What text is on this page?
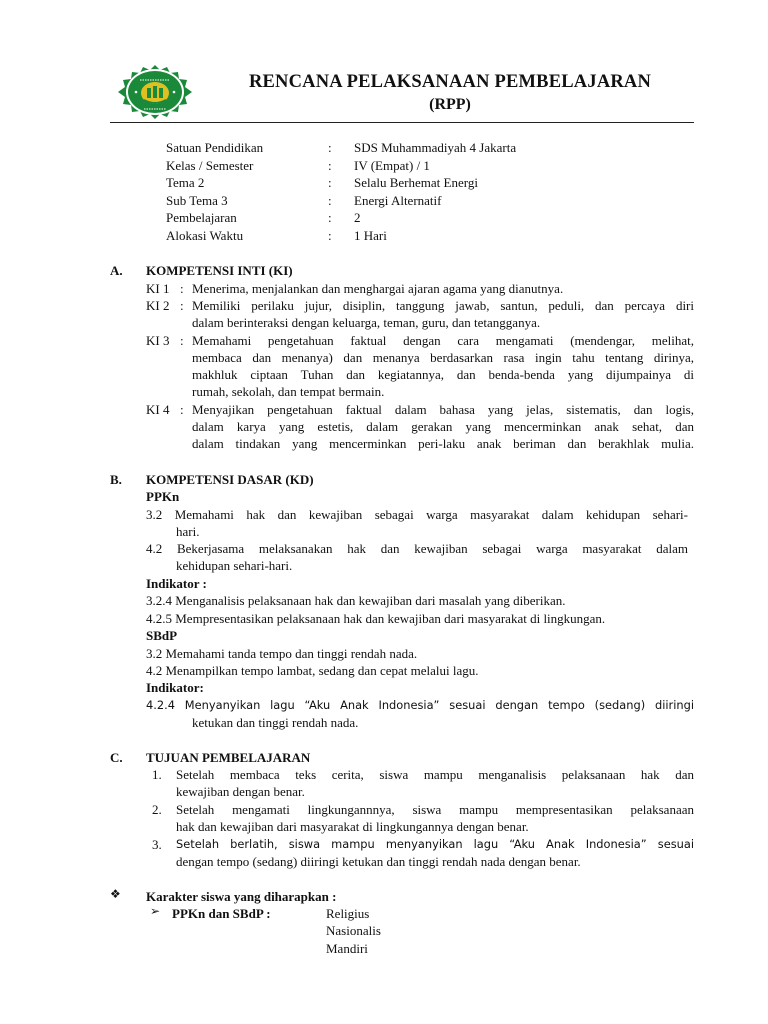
RENCANA PELAKSANAAN PEMBELAJARAN
(RPP)
Satuan Pendidikan	: SDS Muhammadiyah 4 Jakarta
Kelas / Semester	: IV (Empat) / 1
Tema 2	: Selalu Berhemat Energi
Sub Tema 3	: Energi Alternatif
Pembelajaran	: 2
Alokasi Waktu	: 1 Hari
A. KOMPETENSI INTI (KI)
KI 1 : Menerima, menjalankan dan menghargai ajaran agama yang dianutnya.
KI 2 : Memiliki perilaku jujur, disiplin, tanggung jawab, santun, peduli, dan percaya diri
dalam berinteraksi dengan keluarga, teman, guru, dan tetangganya.
KI 3 : Memahami pengetahuan faktual dengan cara mengamati (mendengar, melihat,
membaca dan menanya) dan menanya berdasarkan rasa ingin tahu tentang dirinya,
makhluk ciptaan Tuhan dan kegiatannya, dan benda-benda yang dijumpainya di
rumah, sekolah, dan tempat bermain.
KI 4 : Menyajikan pengetahuan faktual dalam bahasa yang jelas, sistematis, dan logis,
dalam karya yang estetis, dalam gerakan yang mencerminkan anak sehat, dan
dalam tindakan yang mencerminkan peri-laku anak beriman dan berakhlak mulia.
B. KOMPETENSI DASAR (KD)
PPKn
3.2 Memahami hak dan kewajiban sebagai warga masyarakat dalam kehidupan sehari-
hari.
4.2 Bekerjasama melaksanakan hak dan kewajiban sebagai warga masyarakat dalam
kehidupan sehari-hari.
Indikator :
3.2.4 Menganalisis pelaksanaan hak dan kewajiban dari masalah yang diberikan.
4.2.5 Mempresentasikan pelaksanaan hak dan kewajiban dari masyarakat di lingkungan.
SBdP
3.2 Memahami tanda tempo dan tinggi rendah nada.
4.2 Menampilkan tempo lambat, sedang dan cepat melalui lagu.
Indikator:
4.2.4 Menyanyikan lagu “Aku Anak Indonesia” sesuai dengan tempo (sedang) diiringi
ketukan dan tinggi rendah nada.
C. TUJUAN PEMBELAJARAN
1. Setelah membaca teks cerita, siswa mampu menganalisis pelaksanaan hak dan
kewajiban dengan benar.
2. Setelah mengamati lingkungannnya, siswa mampu mempresentasikan pelaksanaan
hak dan kewajiban dari masyarakat di lingkungannya dengan benar.
3. Setelah berlatih, siswa mampu menyanyikan lagu “Aku Anak Indonesia” sesuai
dengan tempo (sedang) diiringi ketukan dan tinggi rendah nada dengan benar.
❖ Karakter siswa yang diharapkan :
➢ PPKn dan SBdP :	Religius
Nasionalis
Mandiri
